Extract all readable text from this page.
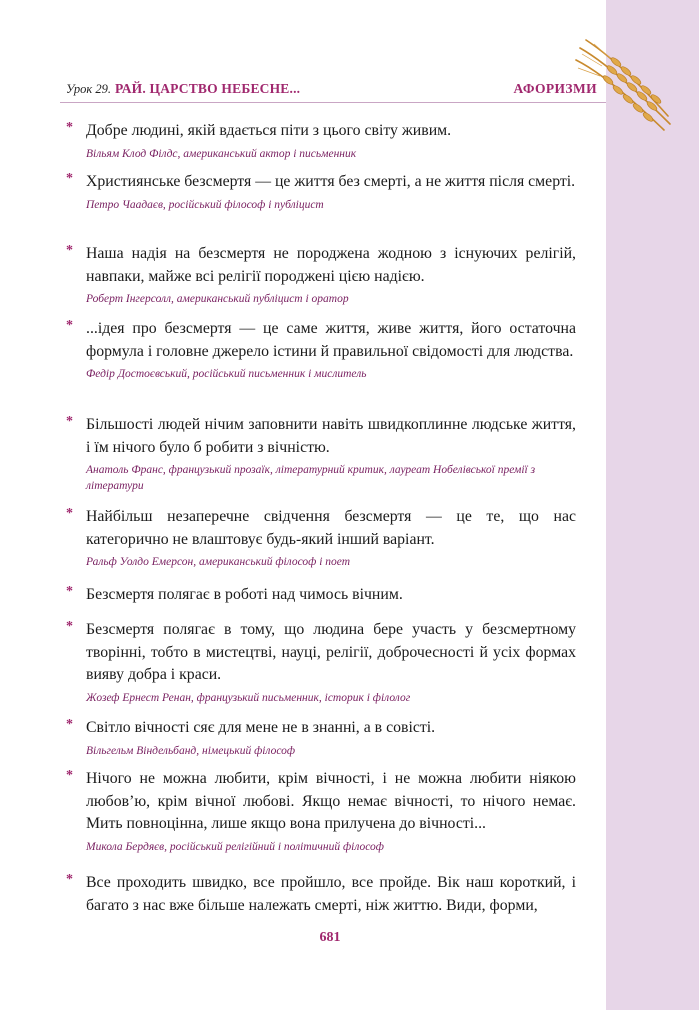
Урок 29. РАЙ. ЦАРСТВО НЕБЕСНЕ...	АФОРИЗМИ
* Добре людині, якій вдається піти з цього світу живим.
Вільям Клод Філдс, американський актор і письменник
* Християнське безсмертя — це життя без смерті, а не життя після смерті.
Петро Чаадаєв, російський філософ і публіцист
* Наша надія на безсмертя не породжена жодною з існуючих релігій, навпаки, майже всі релігії породжені цією надією.
Роберт Інгерсолл, американський публіцист і оратор
* ...ідея про безсмертя — це саме життя, живе життя, його остаточна формула і головне джерело істини й правильної свідомості для людства.
Федір Достоєвський, російський письменник і мислитель
* Більшості людей нічим заповнити навіть швидкоплинне людське життя, і їм нічого було б робити з вічністю.
Анатоль Франс, французький прозаїк, літературний критик, лауреат Нобелівської премії з літератури
* Найбільш незаперечне свідчення безсмертя — це те, що нас категорично не влаштовує будь-який інший варіант.
Ральф Уолдо Емерсон, американський філософ і поет
* Безсмертя полягає в роботі над чимось вічним.
* Безсмертя полягає в тому, що людина бере участь у безсмертному творінні, тобто в мистецтві, науці, релігії, доброчесності й усіх формах вияву добра і краси.
Жозеф Ернест Ренан, французький письменник, історик і філолог
* Світло вічності сяє для мене не в знанні, а в совісті.
Вільгельм Віндельбанд, німецький філософ
* Нічого не можна любити, крім вічності, і не можна любити ніякою любов’ю, крім вічної любові. Якщо немає вічності, то нічого немає. Мить повноцінна, лише якщо вона прилучена до вічності...
Микола Бердяєв, російський релігійний і політичний філософ
* Все проходить швидко, все пройшло, все пройде. Вік наш короткий, і багато з нас вже більше належать смерті, ніж життю. Види, форми,
681
